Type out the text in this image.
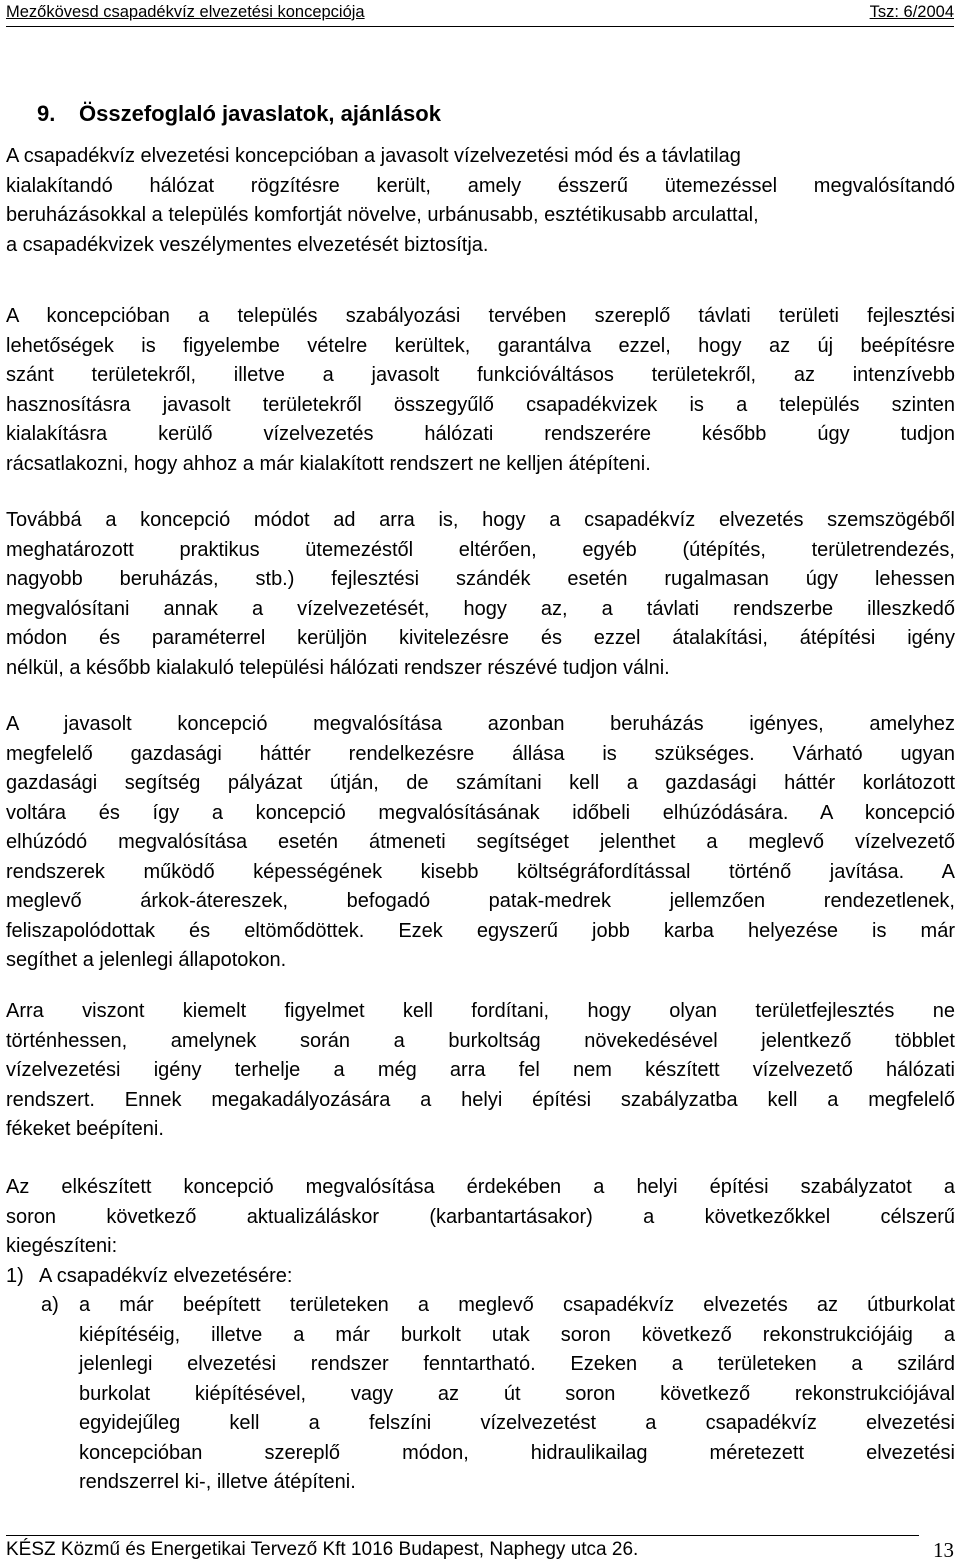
Mezőkövesd csapadékvíz elvezetési koncepciója	Tsz: 6/2004
9. Összefoglaló javaslatok, ajánlások
A csapadékvíz elvezetési koncepcióban a javasolt vízelvezetési mód és a távlatilag
kialakítandó hálózat rögzítésre került, amely ésszerű ütemezéssel megvalósítandó
beruházásokkal a település komfortját növelve, urbánusabb, esztétikusabb arculattal,
a csapadékvizek veszélymentes elvezetését biztosítja.
A koncepcióban a település szabályozási tervében szereplő távlati területi fejlesztési
lehetőségek is figyelembe vételre kerültek, garantálva ezzel, hogy az új beépítésre
szánt területekről, illetve a javasolt funkcióváltásos területekről, az intenzívebb
hasznosításra javasolt területekről összegyűlő csapadékvizek is a település szinten
kialakításra kerülő vízelvezetés hálózati rendszerére később úgy tudjon
rácsatlakozni, hogy ahhoz a már kialakított rendszert ne kelljen átépíteni.
Továbbá a koncepció módot ad arra is, hogy a csapadékvíz elvezetés szemszögéből
meghatározott praktikus ütemezéstől eltérően, egyéb (útépítés, területrendezés,
nagyobb beruházás, stb.) fejlesztési szándék esetén rugalmasan úgy lehessen
megvalósítani annak a vízelvezetését, hogy az, a távlati rendszerbe illeszkedő
módon és paraméterrel kerüljön kivitelezésre és ezzel átalakítási, átépítési igény
nélkül, a később kialakuló települési hálózati rendszer részévé tudjon válni.
A javasolt koncepció megvalósítása azonban beruházás igényes, amelyhez
megfelelő gazdasági háttér rendelkezésre állása is szükséges. Várható ugyan
gazdasági segítség pályázat útján, de számítani kell a gazdasági háttér korlátozott
voltára és így a koncepció megvalósításának időbeli elhúzódására. A koncepció
elhúzódó megvalósítása esetén átmeneti segítséget jelenthet a meglevő vízelvezető
rendszerek működő képességének kisebb költségráfordítással történő javítása. A
meglevő árkok-átereszek, befogadó patak-medrek jellemzően rendezetlenek,
feliszapolódottak és eltömődöttek. Ezek egyszerű jobb karba helyezése is már
segíthet a jelenlegi állapotokon.
Arra viszont kiemelt figyelmet kell fordítani, hogy olyan területfejlesztés ne
történhessen, amelynek során a burkoltság növekedésével jelentkező többlet
vízelvezetési igény terhelje a még arra fel nem készített vízelvezető hálózati
rendszert. Ennek megakadályozására a helyi építési szabályzatba kell a megfelelő
fékeket beépíteni.
Az elkészített koncepció megvalósítása érdekében a helyi építési szabályzatot a
soron következő aktualizáláskor (karbantartásakor) a következőkkel célszerű
kiegészíteni:
1) A csapadékvíz elvezetésére:
a) a már beépített területeken a meglevő csapadékvíz elvezetés az útburkolat
kiépítéséig, illetve a már burkolt utak soron következő rekonstrukciójáig a
jelenlegi elvezetési rendszer fenntartható. Ezeken a területeken a szilárd
burkolat kiépítésével, vagy az út soron következő rekonstrukciójával
egyidejűleg kell a felszíni vízelvezetést a csapadékvíz elvezetési
koncepcióban szereplő módon, hidraulikailag méretezett elvezetési
rendszerrel ki-, illetve átépíteni.
KÉSZ Közmű és Energetikai Tervező Kft 1016 Budapest, Naphegy utca 26.	13
